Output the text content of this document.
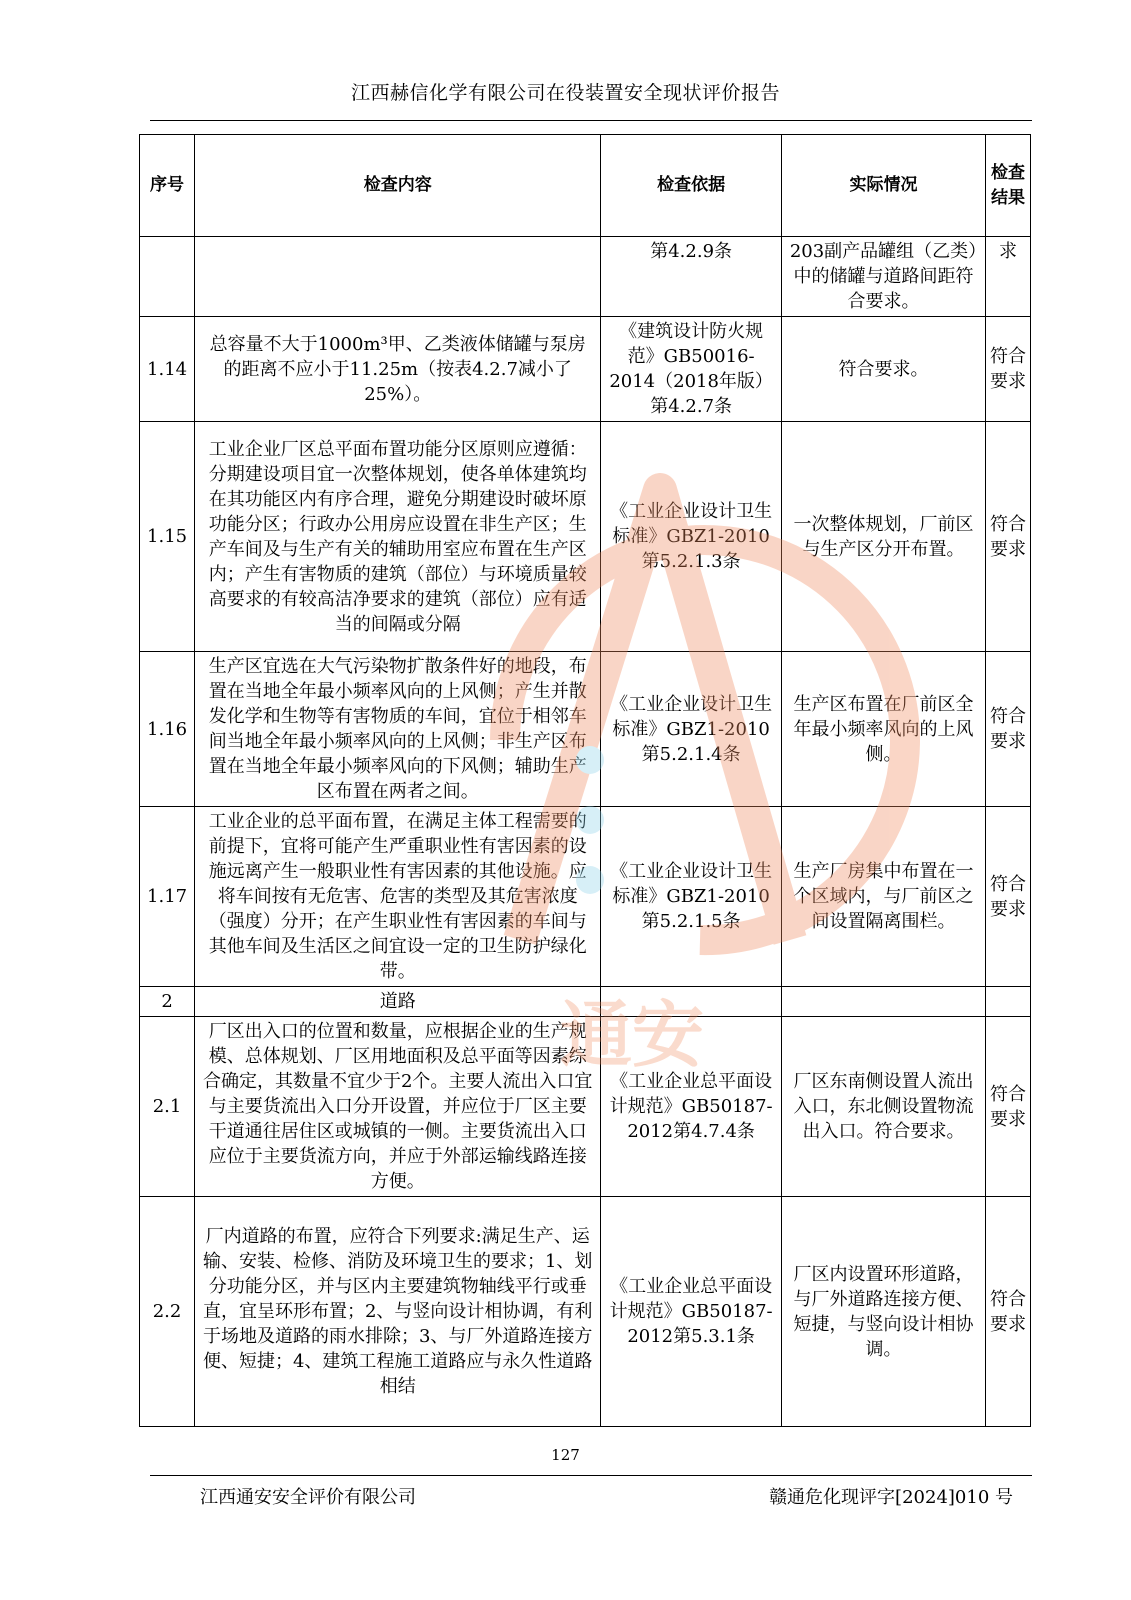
江西赫信化学有限公司在役装置安全现状评价报告
序号	检查内容	检查依据	实际情况	检查结果
		第4.2.9条	203副产品罐组（乙类）中的储罐与道路间距符合要求。	求
1.14	总容量不大于1000m³甲、乙类液体储罐与泵房的距离不应小于11.25m（按表4.2.7减小了25%）。	《建筑设计防火规范》GB50016-2014（2018年版）第4.2.7条	符合要求。	符合要求
1.15	工业企业厂区总平面布置功能分区原则应遵循：分期建设项目宜一次整体规划，使各单体建筑均在其功能区内有序合理，避免分期建设时破坏原功能分区；行政办公用房应设置在非生产区；生产车间及与生产有关的辅助用室应布置在生产区内；产生有害物质的建筑（部位）与环境质量较高要求的有较高洁净要求的建筑（部位）应有适当的间隔或分隔	《工业企业设计卫生标准》GBZ1-2010第5.2.1.3条	一次整体规划，厂前区与生产区分开布置。	符合要求
1.16	生产区宜选在大气污染物扩散条件好的地段，布置在当地全年最小频率风向的上风侧；产生并散发化学和生物等有害物质的车间，宜位于相邻车间当地全年最小频率风向的上风侧；非生产区布置在当地全年最小频率风向的下风侧；辅助生产区布置在两者之间。	《工业企业设计卫生标准》GBZ1-2010第5.2.1.4条	生产区布置在厂前区全年最小频率风向的上风侧。	符合要求
1.17	工业企业的总平面布置，在满足主体工程需要的前提下，宜将可能产生严重职业性有害因素的设施远离产生一般职业性有害因素的其他设施。应将车间按有无危害、危害的类型及其危害浓度（强度）分开；在产生职业性有害因素的车间与其他车间及生活区之间宜设一定的卫生防护绿化带。	《工业企业设计卫生标准》GBZ1-2010第5.2.1.5条	生产厂房集中布置在一个区域内，与厂前区之间设置隔离围栏。	符合要求
2	道路			
2.1	厂区出入口的位置和数量，应根据企业的生产规模、总体规划、厂区用地面积及总平面等因素综合确定，其数量不宜少于2个。主要人流出入口宜与主要货流出入口分开设置，并应位于厂区主要干道通往居住区或城镇的一侧。主要货流出入口应位于主要货流方向，并应于外部运输线路连接方便。	《工业企业总平面设计规范》GB50187-2012第4.7.4条	厂区东南侧设置人流出入口，东北侧设置物流出入口。符合要求。	符合要求
2.2	厂内道路的布置，应符合下列要求:满足生产、运输、安装、检修、消防及环境卫生的要求；1、划分功能分区，并与区内主要建筑物轴线平行或垂直，宜呈环形布置；2、与竖向设计相协调，有利于场地及道路的雨水排除；3、与厂外道路连接方便、短捷；4、建筑工程施工道路应与永久性道路相结	《工业企业总平面设计规范》GB50187-2012第5.3.1条	厂区内设置环形道路，与厂外道路连接方便、短捷，与竖向设计相协调。	符合要求
通安
127
江西通安安全评价有限公司	赣通危化现评字[2024]010 号
